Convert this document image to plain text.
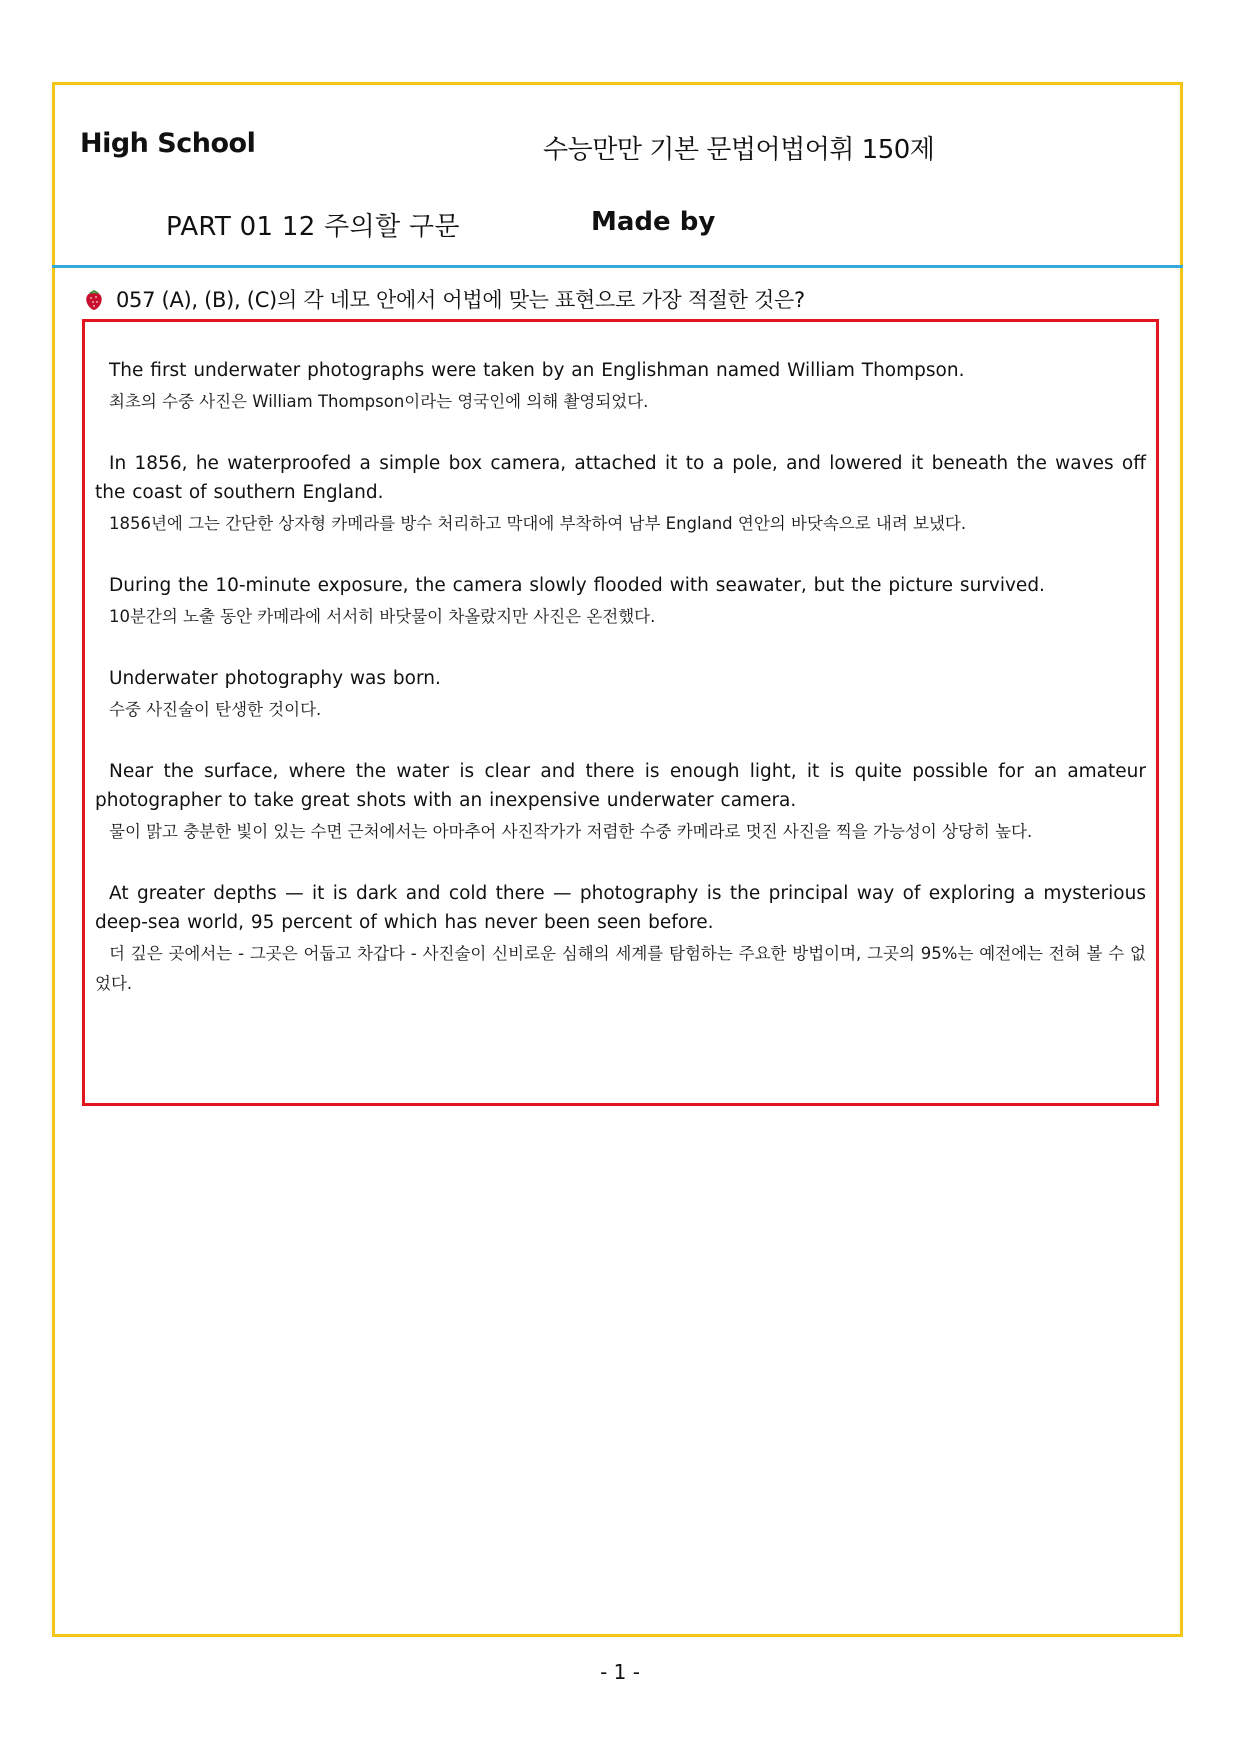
High School	수능만만 기본 문법어법어휘 150제
PART 01 12 주의할 구문	Made by
057 (A), (B), (C)의 각 네모 안에서 어법에 맞는 표현으로 가장 적절한 것은?
The first underwater photographs were taken by an Englishman named William Thompson.
최초의 수중 사진은 William Thompson이라는 영국인에 의해 촬영되었다.
In 1856, he waterproofed a simple box camera, attached it to a pole, and lowered it beneath the waves off the coast of southern England.
1856년에 그는 간단한 상자형 카메라를 방수 처리하고 막대에 부착하여 남부 England 연안의 바닷속으로 내려 보냈다.
During the 10-minute exposure, the camera slowly flooded with seawater, but the picture survived.
10분간의 노출 동안 카메라에 서서히 바닷물이 차올랐지만 사진은 온전했다.
Underwater photography was born.
수중 사진술이 탄생한 것이다.
Near the surface, where the water is clear and there is enough light, it is quite possible for an amateur photographer to take great shots with an inexpensive underwater camera.
물이 맑고 충분한 빛이 있는 수면 근처에서는 아마추어 사진작가가 저렴한 수중 카메라로 멋진 사진을 찍을 가능성이 상당히 높다.
At greater depths — it is dark and cold there — photography is the principal way of exploring a mysterious deep-sea world, 95 percent of which has never been seen before.
더 깊은 곳에서는 - 그곳은 어둡고 차갑다 - 사진술이 신비로운 심해의 세계를 탐험하는 주요한 방법이며, 그곳의 95%는 예전에는 전혀 볼 수 없었다.
- 1 -
